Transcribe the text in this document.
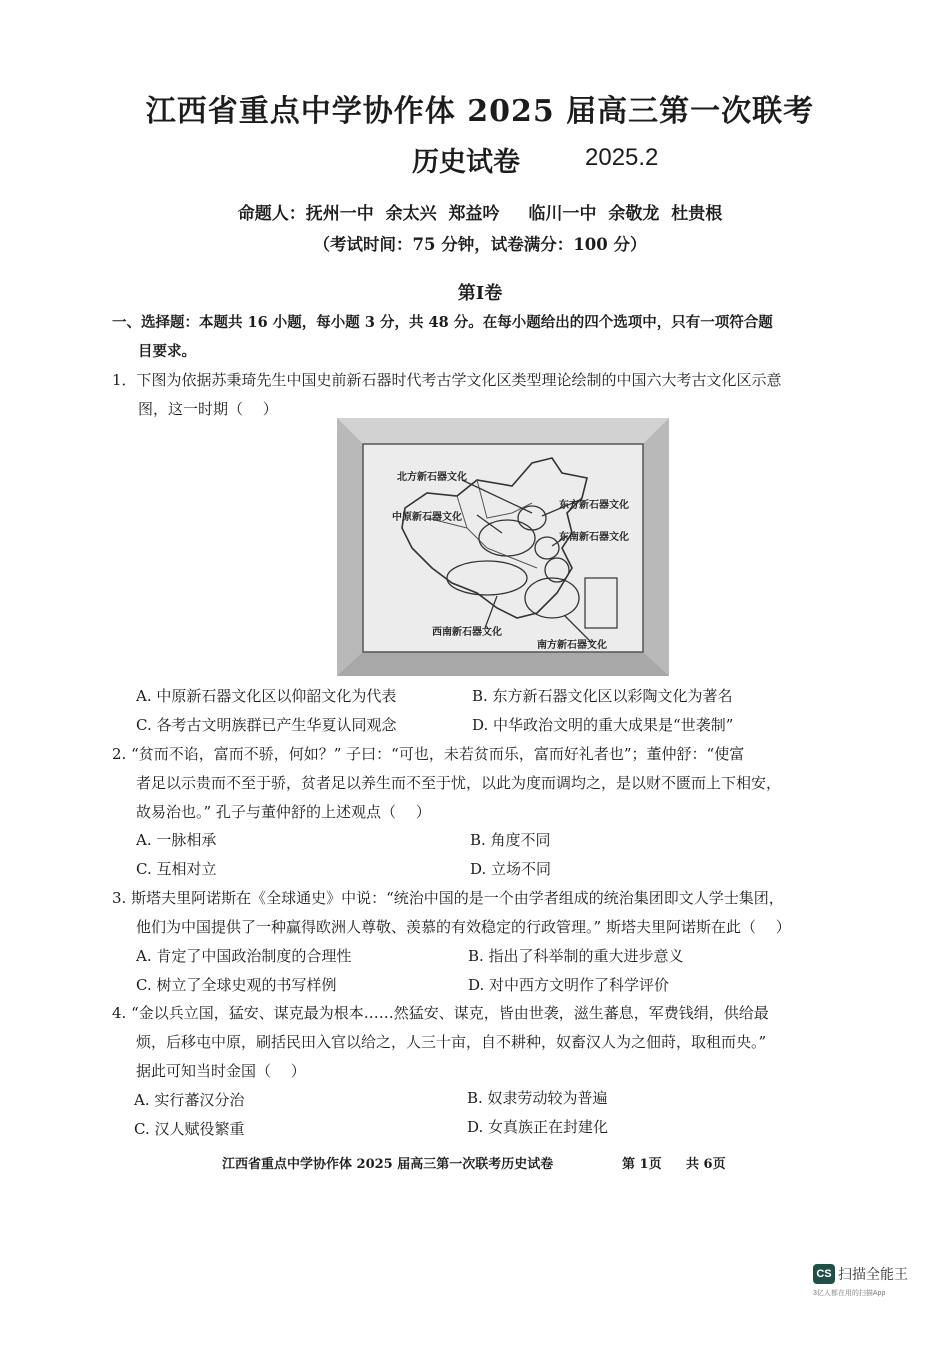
江西省重点中学协作体 2025 届高三第一次联考
历史试卷	2025.2
命题人：抚州一中 余太兴 郑益吟　 临川一中 余敬龙 杜贵根
（考试时间：75 分钟，试卷满分：100 分）
第Ⅰ卷
一、选择题：本题共 16 小题，每小题 3 分，共 48 分。在每小题给出的四个选项中，只有一项符合题
目要求。
1．下图为依据苏秉琦先生中国史前新石器时代考古学文化区类型理论绘制的中国六大考古文化区示意
图，这一时期（　 ）
北方新石器文化
中原新石器文化
东方新石器文化
东南新石器文化
西南新石器文化
南方新石器文化
A. 中原新石器文化区以仰韶文化为代表	B. 东方新石器文化区以彩陶文化为著名
C. 各考古文明族群已产生华夏认同观念	D. 中华政治文明的重大成果是“世袭制”
2. “贫而不谄，富而不骄，何如？” 子曰：“可也，未若贫而乐，富而好礼者也”；董仲舒：“使富
者足以示贵而不至于骄，贫者足以养生而不至于忧，以此为度而调均之，是以财不匮而上下相安，
故易治也。” 孔子与董仲舒的上述观点（　 ）
A. 一脉相承	B. 角度不同
C. 互相对立	D. 立场不同
3. 斯塔夫里阿诺斯在《全球通史》中说：“统治中国的是一个由学者组成的统治集团即文人学士集团，
他们为中国提供了一种赢得欧洲人尊敬、羡慕的有效稳定的行政管理。” 斯塔夫里阿诺斯在此（　 ）
A. 肯定了中国政治制度的合理性	B. 指出了科举制的重大进步意义
C. 树立了全球史观的书写样例	D. 对中西方文明作了科学评价
4. “金以兵立国，猛安、谋克最为根本……然猛安、谋克，皆由世袭，滋生蕃息，军费钱绢，供给最
烦，后移屯中原，刷括民田入官以给之，人三十亩，自不耕种，奴畜汉人为之佃莳，取租而央。”
据此可知当时金国（　 ）
A. 实行蕃汉分治	B. 奴隶劳动较为普遍
C. 汉人赋役繁重	D. 女真族正在封建化
江西省重点中学协作体 2025 届高三第一次联考历史试卷	第 1页 共 6页
CS 扫描全能王
3亿人都在用的扫描App
